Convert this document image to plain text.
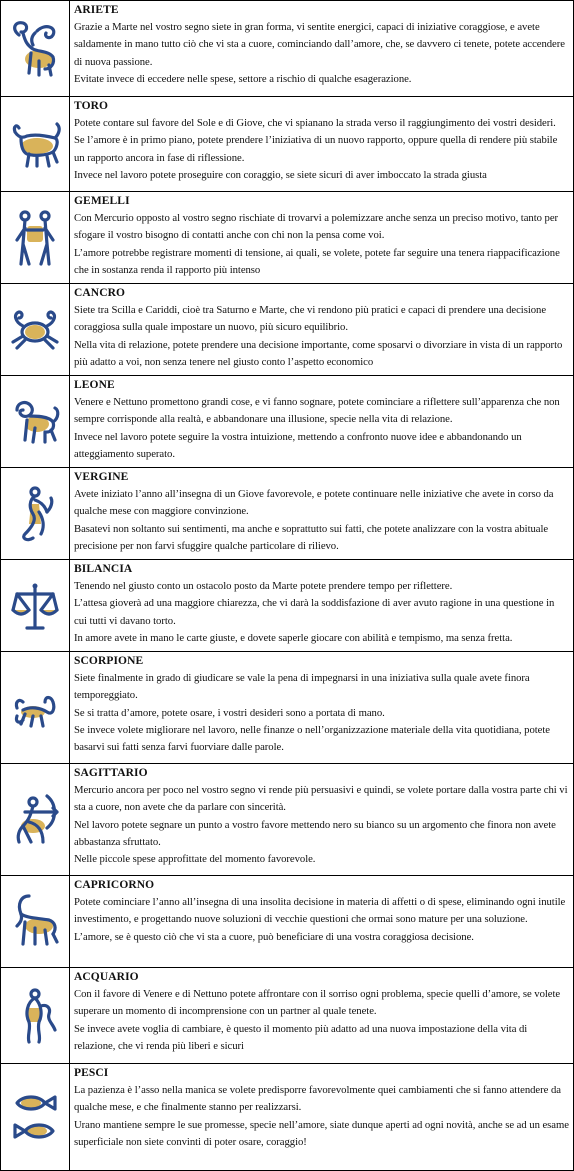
ARIETE
Grazie a Marte nel vostro segno siete in gran forma, vi sentite energici, capaci di iniziative coraggiose, e avete saldamente in mano tutto ciò che vi sta a cuore, cominciando dall’amore, che, se davvero ci tenete, potete accendere di nuova passione.
Evitate invece di eccedere nelle spese, settore a rischio di qualche esagerazione.
TORO
Potete contare sul favore del Sole e di Giove, che vi spianano la strada verso il raggiungimento dei vostri desideri.
Se l’amore è in primo piano, potete prendere l’iniziativa di un nuovo rapporto, oppure quella di rendere più stabile un rapporto ancora in fase di riflessione.
Invece nel lavoro potete proseguire con coraggio, se siete sicuri di aver imboccato la strada giusta
GEMELLI
Con Mercurio opposto al vostro segno rischiate di trovarvi a polemizzare anche senza un preciso motivo, tanto per sfogare il vostro bisogno di contatti anche con chi non la pensa come voi.
L’amore potrebbe registrare momenti di tensione, ai quali, se volete, potete far seguire una tenera riappacificazione che in sostanza renda il rapporto più intenso
CANCRO
Siete tra Scilla e Cariddi, cioè tra Saturno e Marte, che vi rendono più pratici e capaci di prendere una decisione coraggiosa sulla quale impostare un nuovo, più sicuro equilibrio.
Nella vita di relazione, potete prendere una decisione importante, come sposarvi o divorziare in vista di un rapporto più adatto a voi, non senza tenere nel giusto conto l’aspetto economico
LEONE
Venere e Nettuno promettono grandi cose, e vi fanno sognare, potete cominciare a riflettere sull’apparenza che non sempre corrisponde alla realtà, e abbandonare una illusione, specie nella vita di relazione.
Invece nel lavoro potete seguire la vostra intuizione, mettendo a confronto nuove idee e abbandonando un atteggiamento superato.
VERGINE
Avete iniziato l’anno all’insegna di un Giove favorevole, e potete continuare nelle iniziative che avete in corso da qualche mese con maggiore convinzione.
Basatevi non soltanto sui sentimenti, ma anche e soprattutto sui fatti, che potete analizzare con la vostra abituale precisione per non farvi sfuggire qualche particolare di rilievo.
BILANCIA
Tenendo nel giusto conto un ostacolo posto da Marte potete prendere tempo per riflettere.
L’attesa gioverà ad una maggiore chiarezza, che vi darà la soddisfazione di aver avuto ragione in una questione in cui tutti vi davano torto.
In amore avete in mano le carte giuste, e dovete saperle giocare con abilità e tempismo, ma senza fretta.
SCORPIONE
Siete finalmente in grado di giudicare se vale la pena di impegnarsi in una iniziativa sulla quale avete finora temporeggiato.
Se si tratta d’amore, potete osare, i vostri desideri sono a portata di mano.
Se invece volete migliorare nel lavoro, nelle finanze o nell’organizzazione materiale della vita quotidiana, potete basarvi sui fatti senza farvi fuorviare dalle parole.
SAGITTARIO
Mercurio ancora per poco nel vostro segno vi rende più persuasivi e quindi, se volete portare dalla vostra parte chi vi sta a cuore, non avete che da parlare con sincerità.
Nel lavoro potete segnare un punto a vostro favore mettendo nero su bianco su un argomento che finora non avete abbastanza sfruttato.
Nelle piccole spese approfittate del momento favorevole.
CAPRICORNO
Potete cominciare l’anno all’insegna di una insolita decisione in materia di affetti o di spese, eliminando ogni inutile investimento, e progettando nuove soluzioni di vecchie questioni che ormai sono mature per una soluzione.
L’amore, se è questo ciò che vi sta a cuore, può beneficiare di una vostra coraggiosa decisione.
ACQUARIO
Con il favore di Venere e di Nettuno potete affrontare con il sorriso ogni problema, specie quelli d’amore, se volete superare un momento di incomprensione con un partner al quale tenete.
Se invece avete voglia di cambiare, è questo il momento più adatto ad una nuova impostazione della vita di relazione, che vi renda più liberi e sicuri
PESCI
La pazienza è l’asso nella manica se volete predisporre favorevolmente quei cambiamenti che si fanno attendere da qualche mese, e che finalmente stanno per realizzarsi.
Urano mantiene sempre le sue promesse, specie nell’amore, siate dunque aperti ad ogni novità, anche se ad un esame superficiale non siete convinti di poter osare, coraggio!
